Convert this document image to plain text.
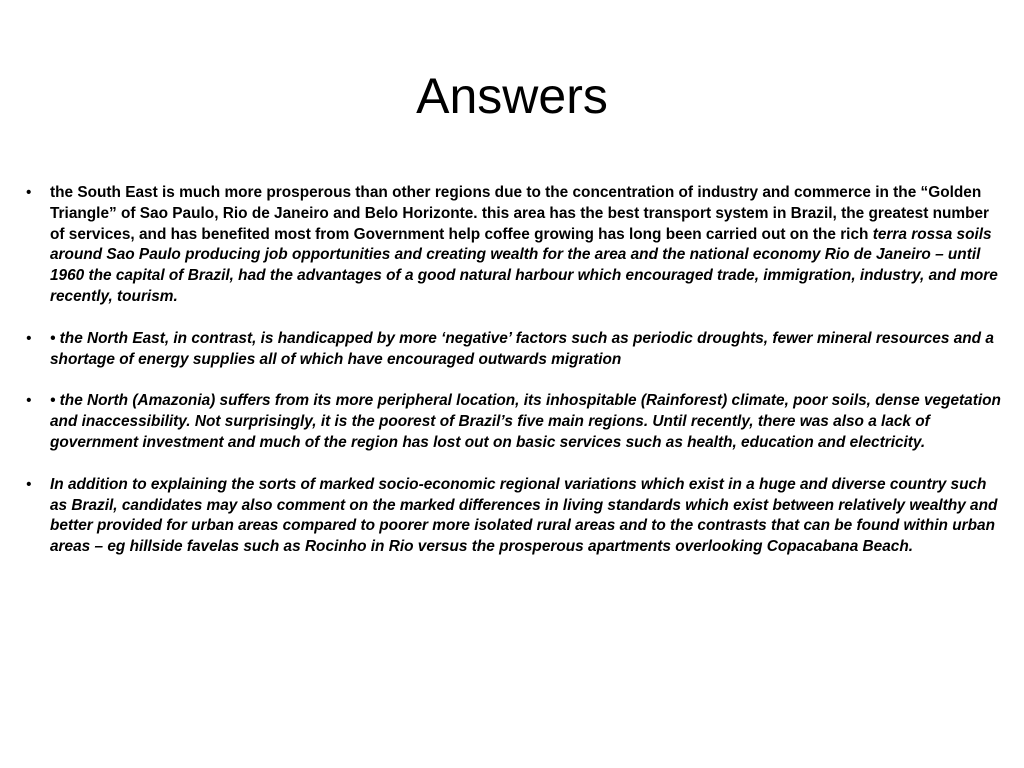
Answers
• the South East is much more prosperous than other regions due to the concentration of industry and commerce in the “Golden Triangle” of Sao Paulo, Rio de Janeiro and Belo Horizonte. this area has the best transport system in Brazil, the greatest number of services, and has benefited most from Government help coffee growing has long been carried out on the rich terra rossa soils around Sao Paulo producing job opportunities and creating wealth for the area and the national economy Rio de Janeiro – until 1960 the capital of Brazil, had the advantages of a good natural harbour which encouraged trade, immigration, industry, and more recently, tourism.
• • the North East, in contrast, is handicapped by more ‘negative’ factors such as periodic droughts, fewer mineral resources and a shortage of energy supplies all of which have encouraged outwards migration
• • the North (Amazonia) suffers from its more peripheral location, its inhospitable (Rainforest) climate, poor soils, dense vegetation and inaccessibility. Not surprisingly, it is the poorest of Brazil’s five main regions. Until recently, there was also a lack of government investment and much of the region has lost out on basic services such as health, education and electricity.
• In addition to explaining the sorts of marked socio-economic regional variations which exist in a huge and diverse country such as Brazil, candidates may also comment on the marked differences in living standards which exist between relatively wealthy and better provided for urban areas compared to poorer more isolated rural areas and to the contrasts that can be found within urban areas – eg hillside favelas such as Rocinho in Rio versus the prosperous apartments overlooking Copacabana Beach.
